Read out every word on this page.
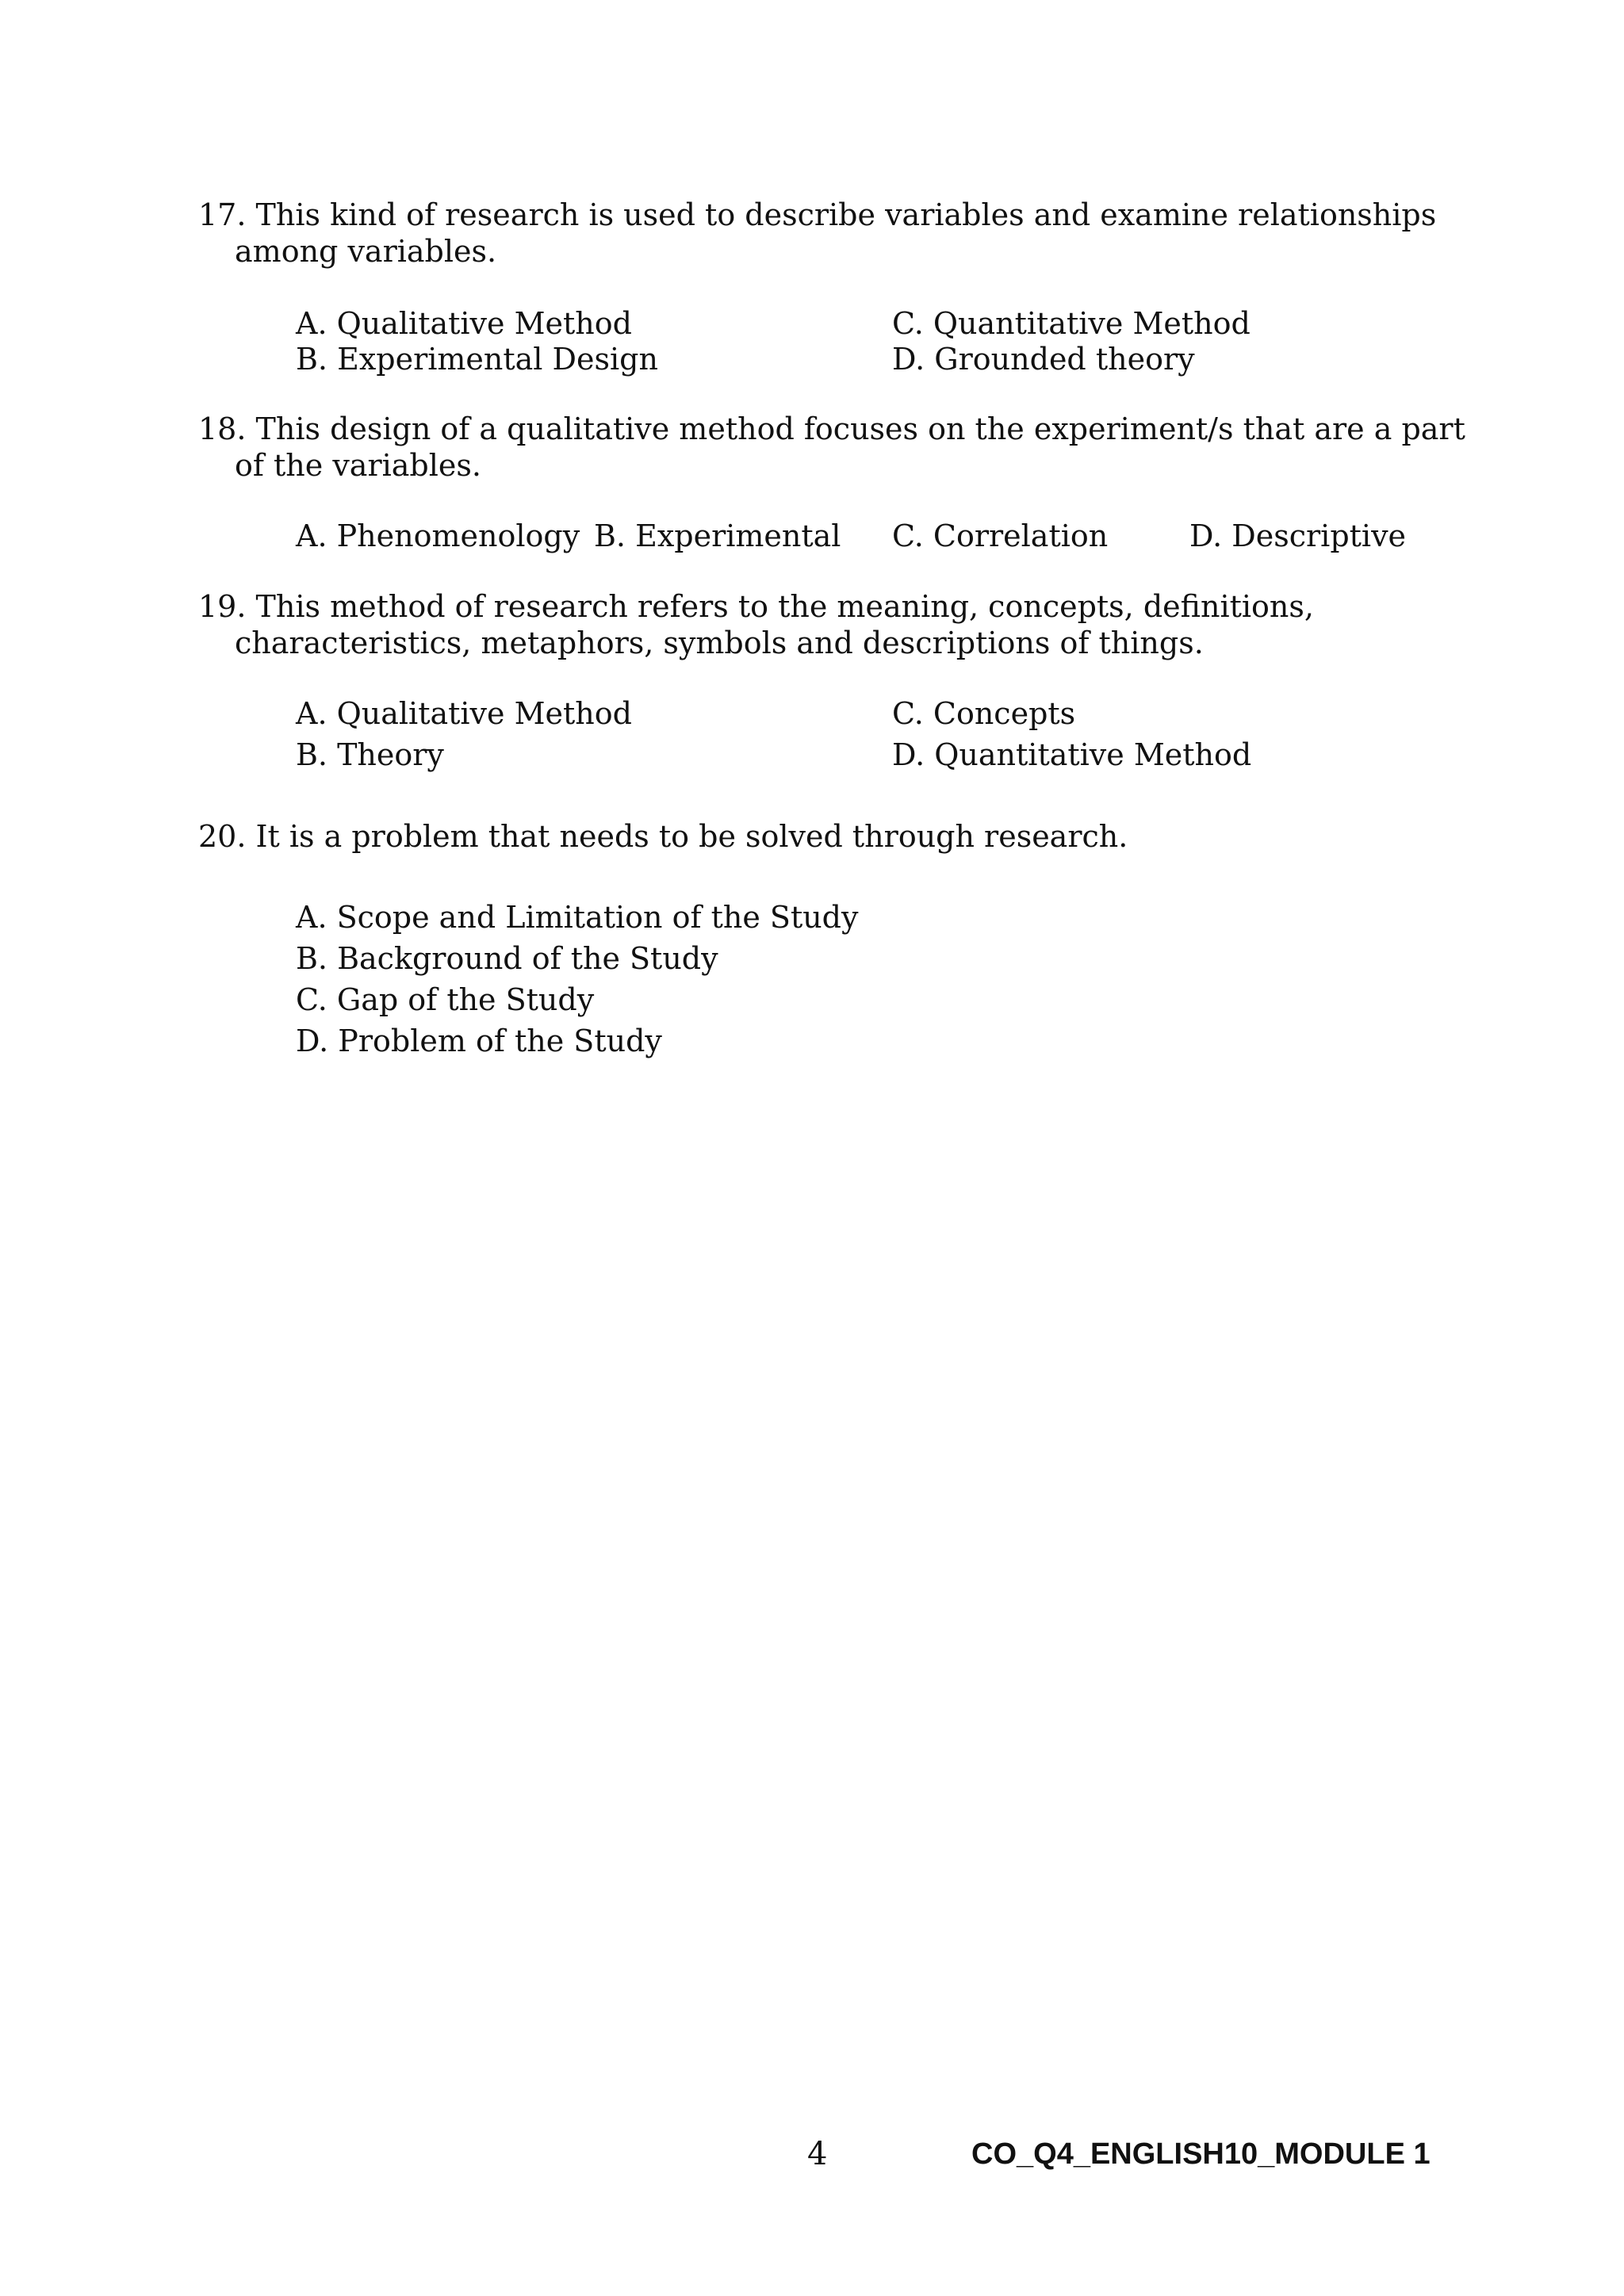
17. This kind of research is used to describe variables and examine relationships
among variables.
A. Qualitative Method
B. Experimental Design
C. Quantitative Method
D. Grounded theory
18. This design of a qualitative method focuses on the experiment/s that are a part
of the variables.
A. Phenomenology B. Experimental C. Correlation	D. Descriptive
19. This method of research refers to the meaning, concepts, definitions,
characteristics, metaphors, symbols and descriptions of things.
A. Qualitative Method
B. Theory
C. Concepts
D. Quantitative Method
20. It is a problem that needs to be solved through research.
A. Scope and Limitation of the Study
B. Background of the Study
C. Gap of the Study
D. Problem of the Study
4	CO_Q4_ENGLISH10_MODULE 1
